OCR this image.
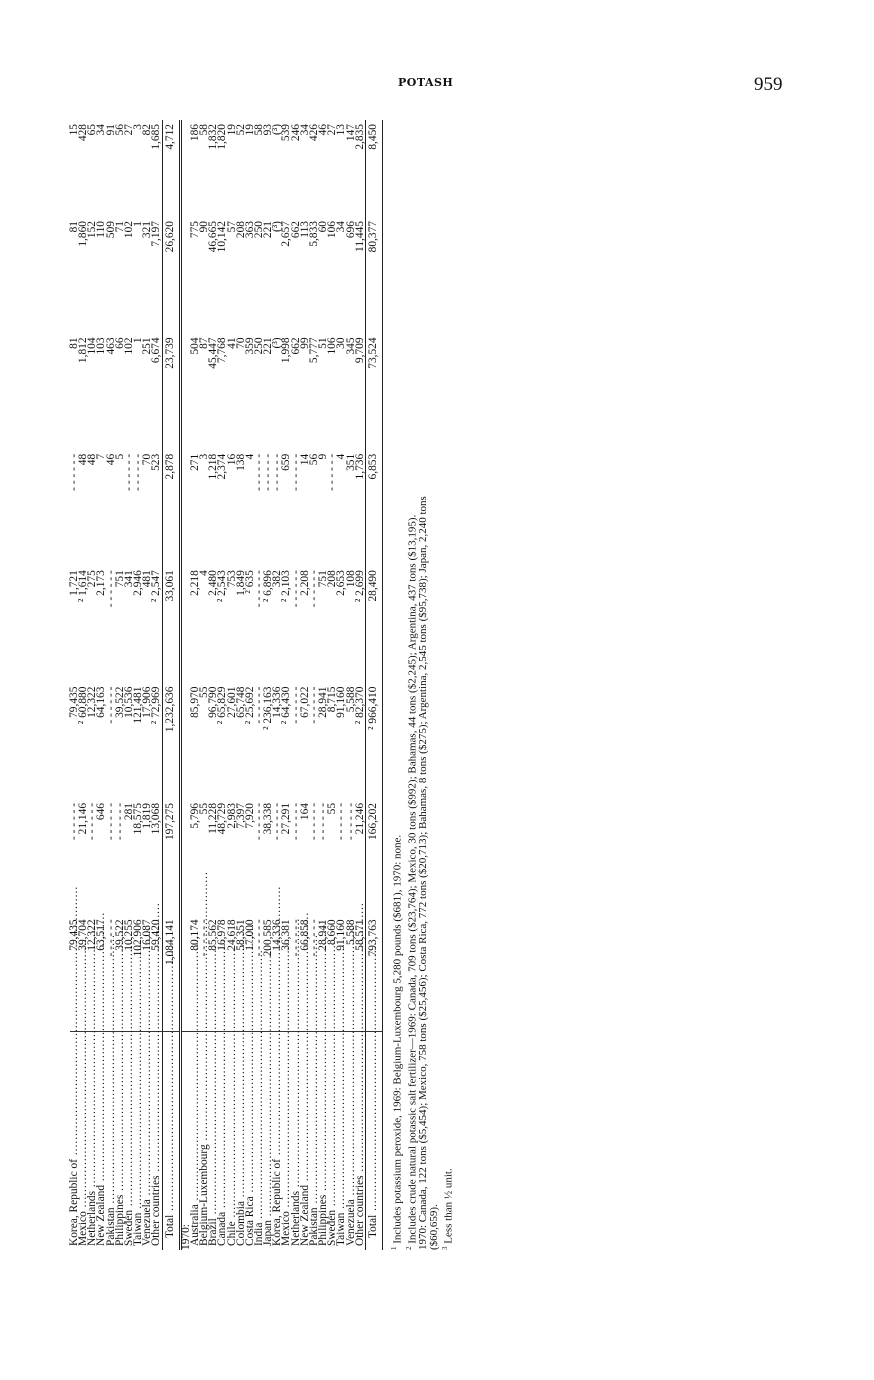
POTASH	959
Korea, Republic of .....	79,435	- - - - - -	79,435	1,721	- - - - - -	81	81	15
Mexico .....	39,704	21,146	² 60,880	² 1,614	48	1,812	1,860	428
Netherlands .....	12,322	- - - - - -	12,322	275	48	104	152	65
New Zealand .....	63,517	646	64,163	2,173	7	103	110	34
Pakistan .....	- - - - - -	- - - - - -	- - - - - -	- - - - - -	46	463	509	91
Philippines .....	39,522	- - - - - -	39,522	751	5	66	71	56
Sweden .....	10,255	281	10,536	341	- - - - - -	102	102	27
Taiwan .....	102,906	18,575	121,481	2,946	- - - - - -	1	1	3
Venezuela .....	16,087	1,819	17,906	481	70	251	321	82
Other countries .....	59,420	13,068	² 72,969	² 2,547	523	6,674	7,197	1,685
Total .....	1,084,141	197,275	1,232,636	33,061	2,878	23,739	26,620	4,712
1970:								
Australia .....	80,174	5,796	85,970	2,218	271	504	775	186
Belgium-Luxembourg .....	- - - - - -	55	55	4	3	87	90	58
Brazil .....	85,562	11,228	96,790	2,480	1,218	45,447	46,665	1,832
Canada .....	16,978	48,729	² 65,829	² 2,543	2,374	7,768	10,142	1,820
Chile .....	24,618	2,983	27,601	753	16	41	57	19
Colombia .....	58,351	7,397	65,748	1,849	138	70	208	52
Costa Rica .....	17,000	7,920	² 25,692	² 635	4	359	363	19
India .....	- - - - - -	- - - - - -	- - - - - -	- - - - - -	- - - - - -	250	250	58
Japan .....	200,585	38,338	² 236,163	² 6,896	- - - - - -	221	221	93
Korea, Republic of .....	14,336	- - - - - -	14,336	382	- - - - - -	(³)	(³)	(³)
Mexico .....	36,381	27,291	² 64,430	² 2,103	659	1,998	2,657	539
Netherlands .....	- - - - - -	- - - - - -	- - - - - -	- - - - - -	- - - - - -	662	662	246
New Zealand .....	66,858	164	67,022	2,208	14	99	113	34
Pakistan .....	- - - - - -	- - - - - -	- - - - - -	- - - - - -	56	5,777	5,833	426
Philippines .....	28,941	- - - - - -	28,941	751	9	51	60	46
Sweden .....	8,660	55	8,715	208	- - - - - -	106	106	27
Taiwan .....	91,160	- - - - - -	91,160	2,653	4	30	34	13
Venezuela .....	5,588	- - - - - -	5,588	108	351	345	696	147
Other countries .....	58,571	21,246	² 82,370	² 2,699	1,736	9,709	11,445	2,835
Total .....	793,763	166,202	² 966,410	28,490	6,853	73,524	80,377	8,450
$^1$ Includes potassium peroxide, 1969: Belgium-Luxembourg 5,280 pounds ($681), 1970: none.
$^2$ Includes crude natural potassic salt fertilizer—1969: Canada, 709 tons ($23,764); Mexico, 30 tons ($992); Bahamas, 44 tons ($2,245); Argentina, 437 tons ($13,195). 1970: Canada, 122 tons ($5,454); Mexico, 758 tons ($25,456); Costa Rica, 772 tons ($20,713); Bahamas, 8 tons ($275); Argentina, 2,545 tons ($95,738); Japan, 2,240 tons ($60,659). $^3$ Less than ½ unit.
